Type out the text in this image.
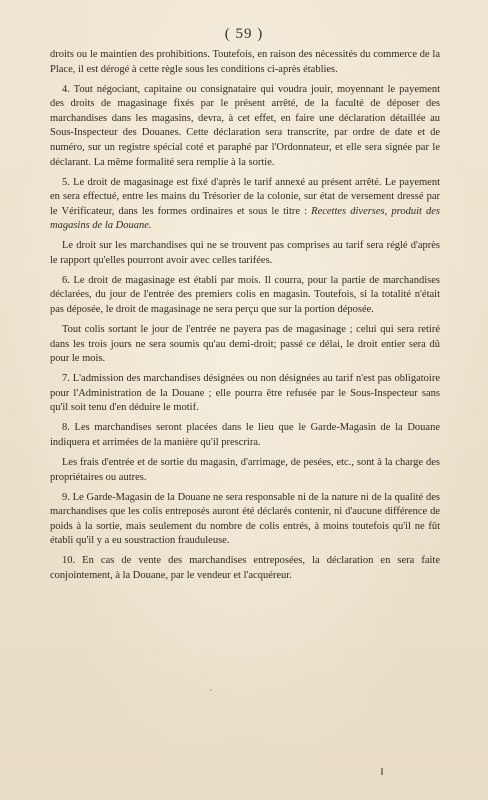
( 59 )

droits ou le maintien des prohibitions. Toutefois, en raison des nécessités du commerce de la Place, il est dérogé à cette règle sous les conditions ci-après établies.

4. Tout négociant, capitaine ou consignataire qui voudra jouir, moyennant le payement des droits de magasinage fixés par le présent arrêté, de la faculté de déposer des marchandises dans les magasins, devra, à cet effet, en faire une déclaration détaillée au Sous-Inspecteur des Douanes. Cette déclaration sera transcrite, par ordre de date et de numéro, sur un registre spécial coté et paraphé par l'Ordonnateur, et elle sera signée par le déclarant. La même formalité sera remplie à la sortie.

5. Le droit de magasinage est fixé d'après le tarif annexé au présent arrêté. Le payement en sera effectué, entre les mains du Trésorier de la colonie, sur état de versement dressé par le Vérificateur, dans les formes ordinaires et sous le titre : Recettes diverses, produit des magasins de la Douane.

Le droit sur les marchandises qui ne se trouvent pas comprises au tarif sera réglé d'après le rapport qu'elles pourront avoir avec celles tarifées.

6. Le droit de magasinage est établi par mois. Il courra, pour la partie de marchandises déclarées, du jour de l'entrée des premiers colis en magasin. Toutefois, si la totalité n'était pas déposée, le droit de magasinage ne sera perçu que sur la portion déposée.

Tout colis sortant le jour de l'entrée ne payera pas de magasinage ; celui qui sera retiré dans les trois jours ne sera soumis qu'au demi-droit; passé ce délai, le droit entier sera dû pour le mois.

7. L'admission des marchandises désignées ou non désignées au tarif n'est pas obligatoire pour l'Administration de la Douane ; elle pourra être refusée par le Sous-Inspecteur sans qu'il soit tenu d'en déduire le motif.

8. Les marchandises seront placées dans le lieu que le Garde-Magasin de la Douane indiquera et arrimées de la manière qu'il prescrira.

Les frais d'entrée et de sortie du magasin, d'arrimage, de pesées, etc., sont à la charge des propriétaires ou autres.

9. Le Garde-Magasin de la Douane ne sera responsable ni de la nature ni de la qualité des marchandises que les colis entreposés auront été déclarés contenir, ni d'aucune différence de poids à la sortie, mais seulement du nombre de colis entrés, à moins toutefois qu'il ne fût établi qu'il y a eu soustraction frauduleuse.

10. En cas de vente des marchandises entreposées, la déclaration en sera faite conjointement, à la Douane, par le vendeur et l'acquéreur.
